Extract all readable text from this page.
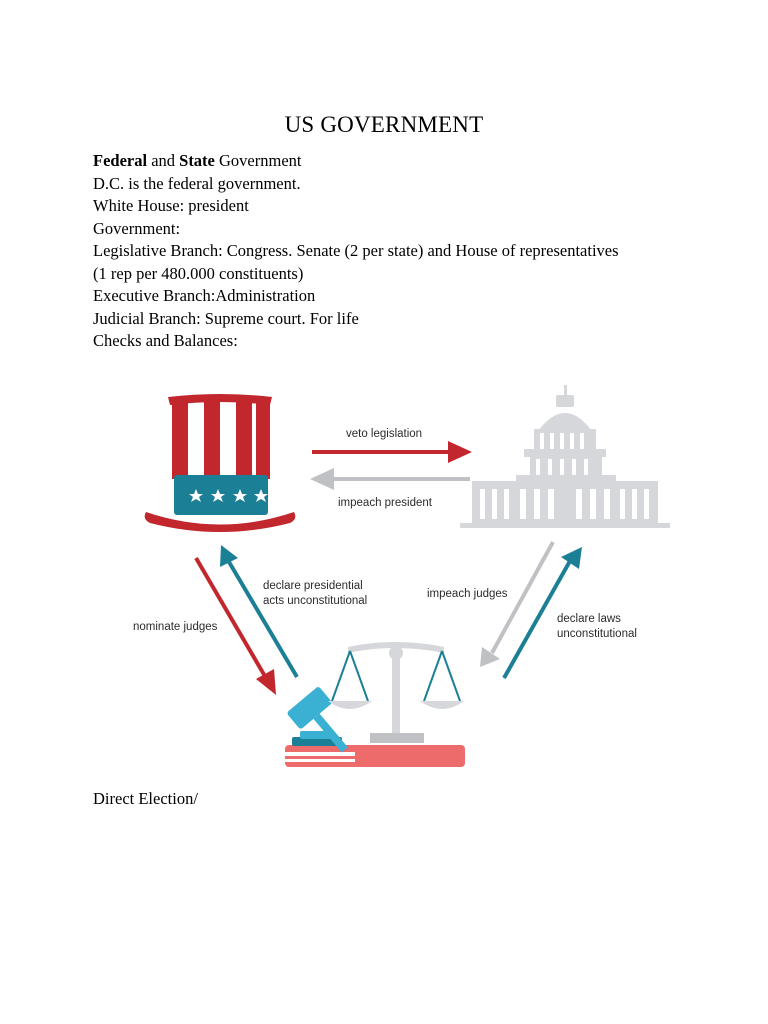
US GOVERNMENT
Federal and State Government
D.C. is the federal government.
White House: president
Government:
Legislative Branch: Congress. Senate (2 per state) and House of representatives
(1 rep per 480.000 constituents)
Executive Branch:Administration
Judicial Branch: Supreme court. For life
Checks and Balances:
veto legislation
impeach president
declare presidential
acts unconstitutional
nominate judges
impeach judges
declare laws
unconstitutional
Direct Election/
